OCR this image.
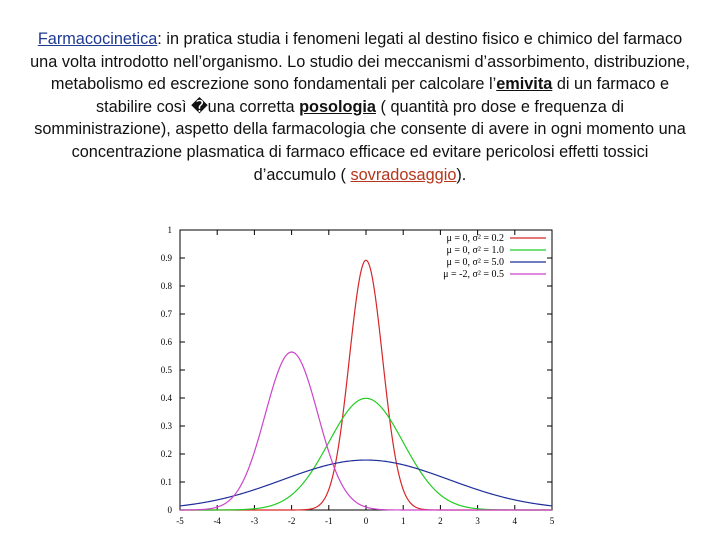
Farmacocinetica: in pratica studia i fenomeni legati al destino fisico e chimico del farmaco una volta introdotto nell’organismo. Lo studio dei meccanismi d’assorbimento, distribuzione, metabolismo ed escrezione sono fondamentali per calcolare l’emivita di un farmaco e stabilire così �una corretta posologia ( quantità pro dose e frequenza di somministrazione), aspetto della farmacologia che consente di avere in ogni momento una concentrazione plasmatica di farmaco efficace ed evitare pericolosi effetti tossici d’accumulo ( sovradosaggio).
-5	-4	-3	-2	-1	0	1	2	3	4	5
0
0.1
0.2
0.3
0.4
0.5
0.6
0.7
0.8
0.9
1
μ = 0, σ² = 0.2
μ = 0, σ² = 1.0
μ = 0, σ² = 5.0
μ = -2, σ² = 0.5
